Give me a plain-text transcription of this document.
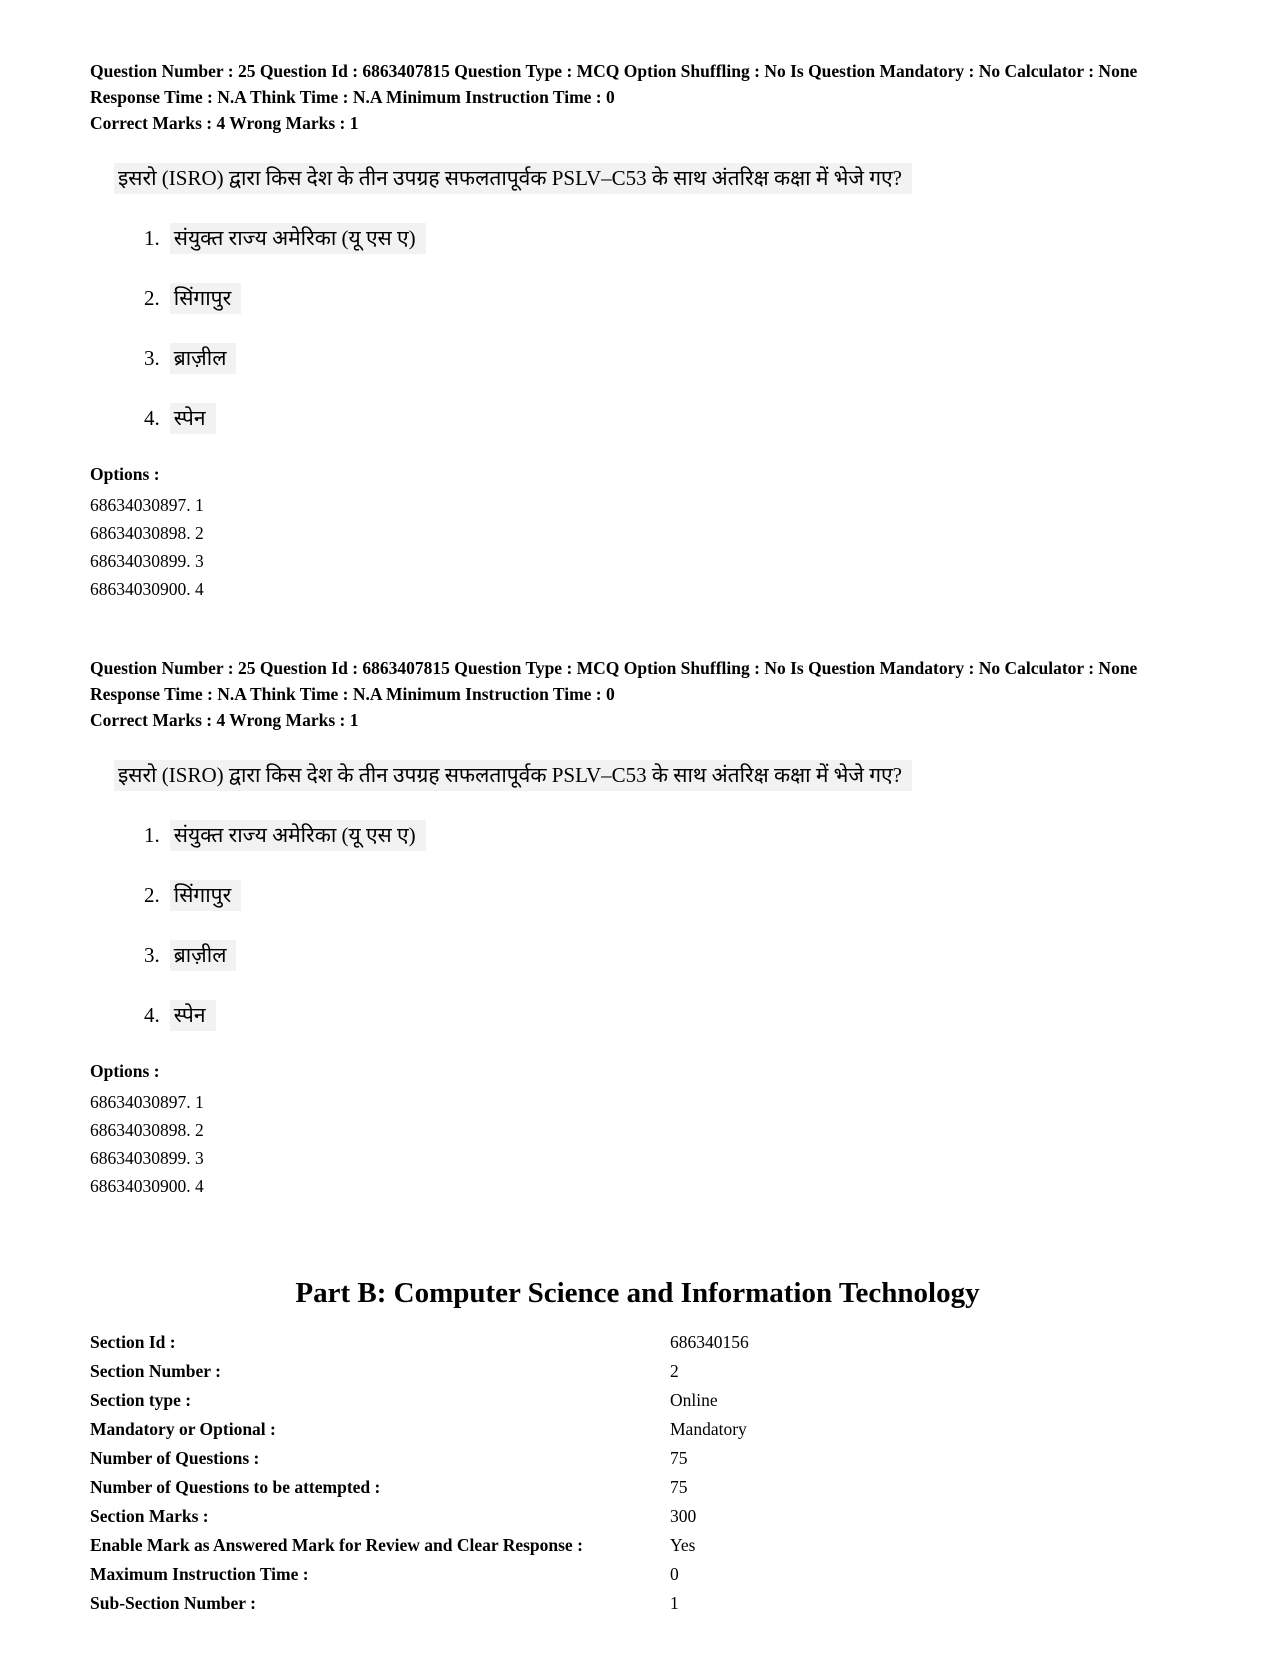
Question Number : 25 Question Id : 6863407815 Question Type : MCQ Option Shuffling : No Is Question Mandatory : No Calculator : None Response Time : N.A Think Time : N.A Minimum Instruction Time : 0

Correct Marks : 4 Wrong Marks : 1

इसरो (ISRO) द्वारा किस देश के तीन उपग्रह सफलतापूर्वक PSLV–C53 के साथ अंतरिक्ष कक्षा में भेजे गए?

1. संयुक्त राज्य अमेरिका (यू एस ए)
2. सिंगापुर
3. ब्राज़ील
4. स्पेन

Options :

68634030897. 1
68634030898. 2
68634030899. 3
68634030900. 4

Question Number : 25 Question Id : 6863407815 Question Type : MCQ Option Shuffling : No Is Question Mandatory : No Calculator : None Response Time : N.A Think Time : N.A Minimum Instruction Time : 0

Correct Marks : 4 Wrong Marks : 1

इसरो (ISRO) द्वारा किस देश के तीन उपग्रह सफलतापूर्वक PSLV–C53 के साथ अंतरिक्ष कक्षा में भेजे गए?

1. संयुक्त राज्य अमेरिका (यू एस ए)
2. सिंगापुर
3. ब्राज़ील
4. स्पेन

Options :

68634030897. 1
68634030898. 2
68634030899. 3
68634030900. 4
Part B: Computer Science and Information Technology
Section Id :	686340156
Section Number :	2
Section type :	Online
Mandatory or Optional :	Mandatory
Number of Questions :	75
Number of Questions to be attempted :	75
Section Marks :	300
Enable Mark as Answered Mark for Review and Clear Response :	Yes
Maximum Instruction Time :	0
Sub-Section Number :	1
